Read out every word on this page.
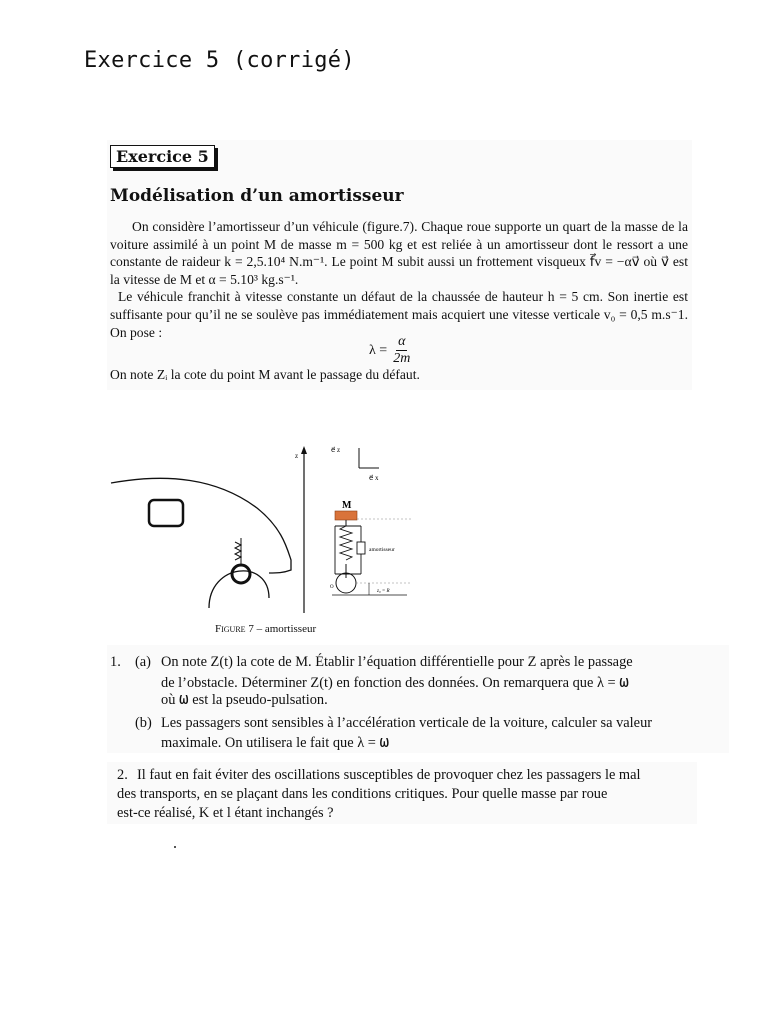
Exercice 5 (corrigé)
Exercice 5
Modélisation d’un amortisseur

On considère l’amortisseur d’un véhicule (figure.7). Chaque roue supporte un quart de la masse de la voiture assimilé à un point M de masse m = 500 kg et est reliée à un amortisseur dont le ressort a une constante de raideur k = 2,5.10⁴ N.m⁻¹. Le point M subit aussi un frottement visqueux f⃗v = −αv⃗ où v⃗ est la vitesse de M et α = 5.10³ kg.s⁻¹.

Le véhicule franchit à vitesse constante un défaut de la chaussée de hauteur h = 5 cm. Son inertie est suffisante pour qu’il ne se soulève pas immédiatement mais acquiert une vitesse verticale v₀ = 0,5 m.s⁻1. On pose :

$\lambda = \frac{\alpha}{2m}$
On note Zᵢ la cote du point M avant le passage du défaut.
z
e⃗ z
e⃗ x
M
amortisseur
O
z₀ = R
Figure 7 – amortisseur
1. (a) On note Z(t) la cote de M. Établir l’équation différentielle pour Z après le passage
de l’obstacle. Déterminer Z(t) en fonction des données. On remarquera que λ = ω
où ω est la pseudo-pulsation.
(b) Les passagers sont sensibles à l’accélération verticale de la voiture, calculer sa valeur
maximale. On utilisera le fait que λ = ω
2. Il faut en fait éviter des oscillations susceptibles de provoquer chez les passagers le mal
des transports, en se plaçant dans les conditions critiques. Pour quelle masse par roue
est-ce réalisé, K et l étant inchangés ?
